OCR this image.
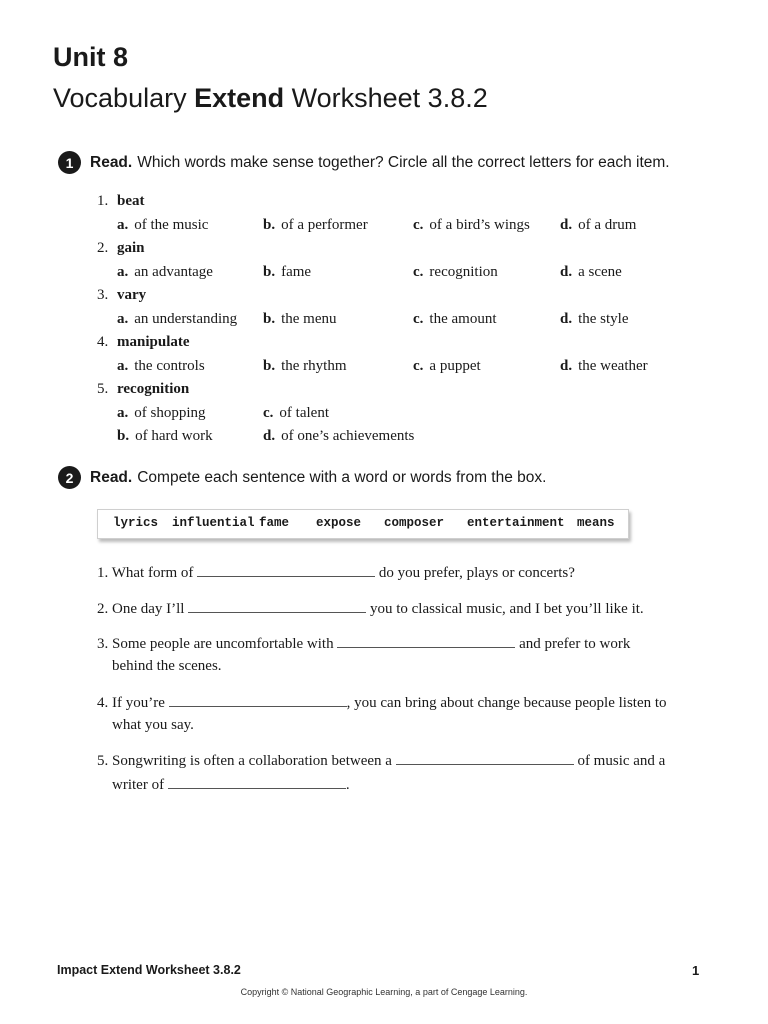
Unit 8
Vocabulary Extend Worksheet 3.8.2
1	Read. Which words make sense together? Circle all the correct letters for each item.
1. beat
a. of the music	b. of a performer	c. of a bird’s wings d. of a drum
2. gain
a. an advantage	b. fame	c. recognition	d. a scene
3. vary
a. an understanding b. the menu	c. the amount	d. the style
4. manipulate
a. the controls	b. the rhythm	c. a puppet	d. the weather
5. recognition
a. of shopping	c. of talent
b. of hard work	d. of one’s achievements
2	Read. Compete each sentence with a word or words from the box.
lyrics influential fame expose composer entertainment means
1. What form of	do you prefer, plays or concerts?
2. One day I’ll	you to classical music, and I bet you’ll like it.
3. Some people are uncomfortable with	and prefer to work
behind the scenes.
4. If you’re	, you can bring about change because people listen to
what you say.
5. Songwriting is often a collaboration between a	of music and a
writer of	.
Impact Extend Worksheet 3.8.2	1
Copyright © National Geographic Learning, a part of Cengage Learning.
